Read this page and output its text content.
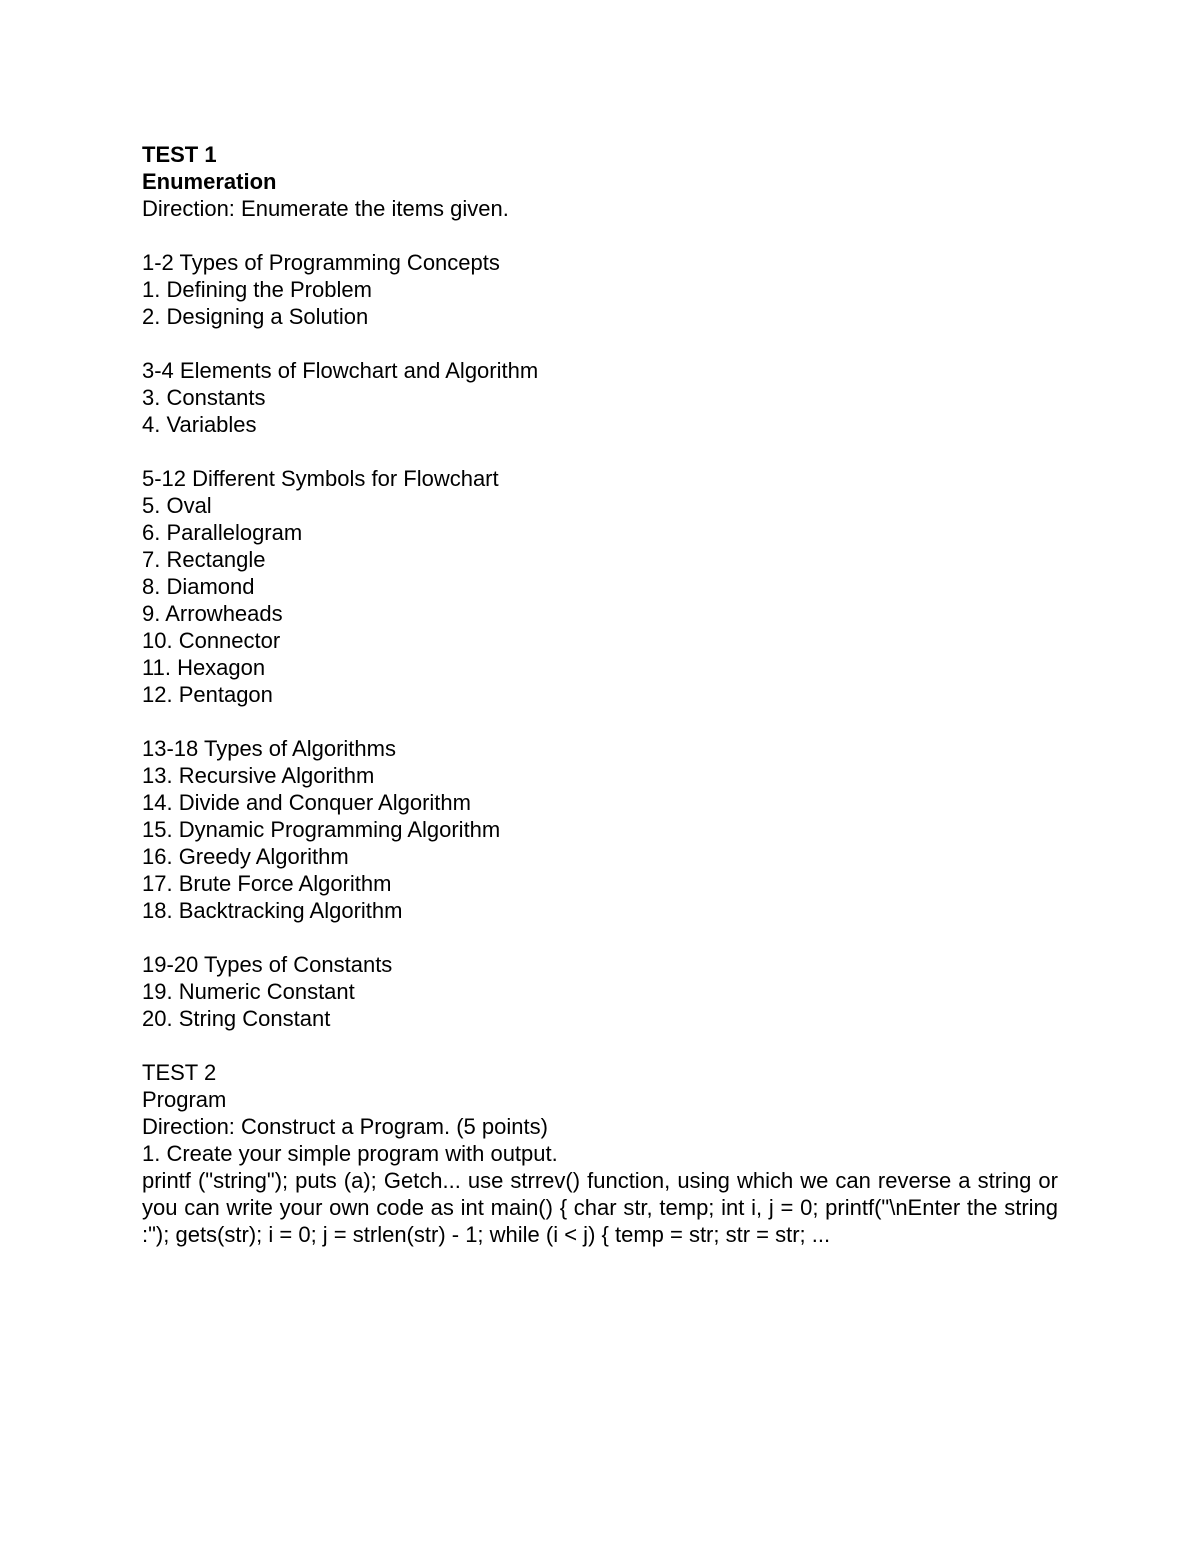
TEST 1
Enumeration
Direction: Enumerate the items given.
1-2 Types of Programming Concepts
1. Defining the Problem
2. Designing a Solution
3-4 Elements of Flowchart and Algorithm
3. Constants
4. Variables
5-12 Different Symbols for Flowchart
5. Oval
6. Parallelogram
7. Rectangle
8. Diamond
9. Arrowheads
10. Connector
11. Hexagon
12. Pentagon
13-18 Types of Algorithms
13. Recursive Algorithm
14. Divide and Conquer Algorithm
15. Dynamic Programming Algorithm
16. Greedy Algorithm
17. Brute Force Algorithm
18. Backtracking Algorithm
19-20 Types of Constants
19. Numeric Constant
20. String Constant
TEST 2
Program
Direction: Construct a Program. (5 points)
1. Create your simple program with output.
printf ("string"); puts (a); Getch... use strrev() function, using which we can reverse a string or you can write your own code as int main() { char str, temp; int i, j = 0; printf("\nEnter the string :"); gets(str); i = 0; j = strlen(str) - 1; while (i < j) { temp = str; str = str; ...
